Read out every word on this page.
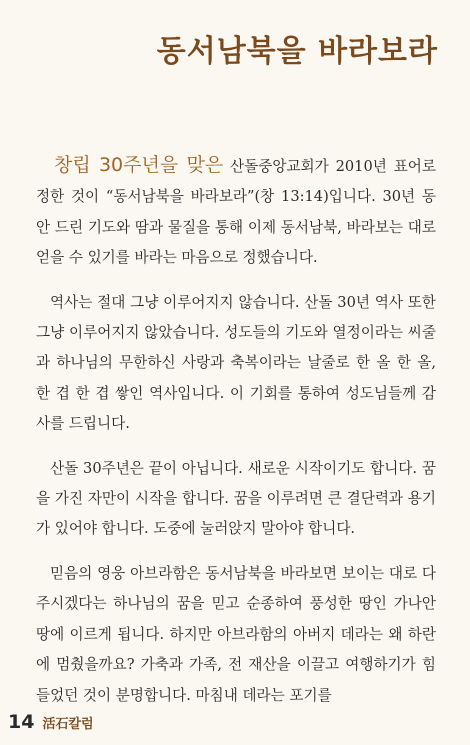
동서남북을 바라보라

창립 30주년을 맞은 산돌중앙교회가 2010년 표어로 정한 것이 “동서남북을 바라보라”(창 13:14)입니다. 30년 동안 드린 기도와 땀과 물질을 통해 이제 동서남북, 바라보는 대로 얻을 수 있기를 바라는 마음으로 정했습니다.

역사는 절대 그냥 이루어지지 않습니다. 산돌 30년 역사 또한 그냥 이루어지지 않았습니다. 성도들의 기도와 열정이라는 씨줄과 하나님의 무한하신 사랑과 축복이라는 날줄로 한 올 한 올, 한 겹 한 겹 쌓인 역사입니다. 이 기회를 통하여 성도님들께 감사를 드립니다.

산돌 30주년은 끝이 아닙니다. 새로운 시작이기도 합니다. 꿈을 가진 자만이 시작을 합니다. 꿈을 이루려면 큰 결단력과 용기가 있어야 합니다. 도중에 눌러앉지 말아야 합니다.

믿음의 영웅 아브라함은 동서남북을 바라보면 보이는 대로 다 주시겠다는 하나님의 꿈을 믿고 순종하여 풍성한 땅인 가나안 땅에 이르게 됩니다. 하지만 아브라함의 아버지 데라는 왜 하란에 멈췄을까요? 가축과 가족, 전 재산을 이끌고 여행하기가 힘들었던 것이 분명합니다. 마침내 데라는 포기를

14 活石칼럼
